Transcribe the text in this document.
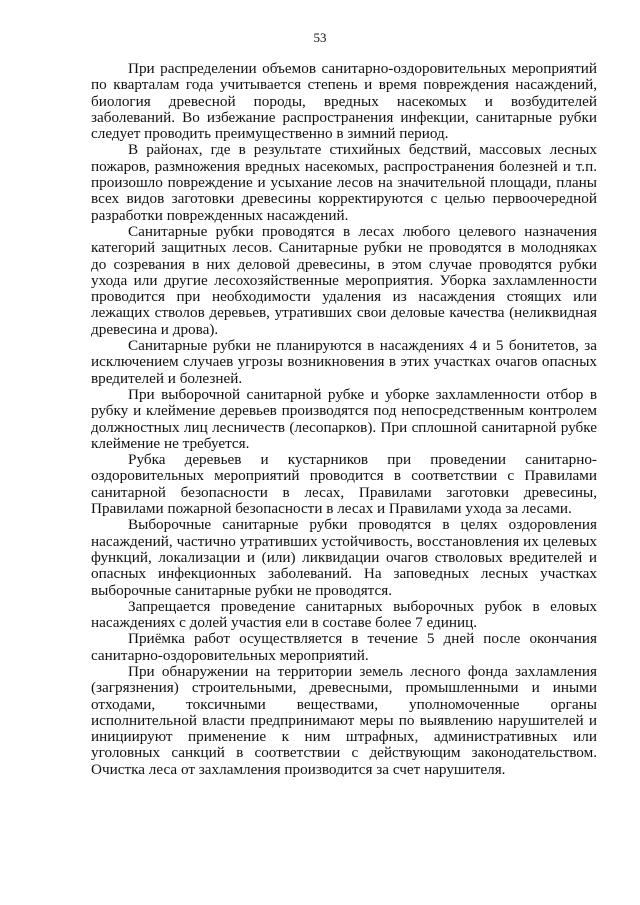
53

При распределении объемов санитарно-оздоровительных мероприятий по кварталам года учитывается степень и время повреждения насаждений, биология древесной породы, вредных насекомых и возбудителей заболеваний. Во избежание распространения инфекции, санитарные рубки следует проводить преимущественно в зимний период.

В районах, где в результате стихийных бедствий, массовых лесных пожаров, размножения вредных насекомых, распространения болезней и т.п. произошло повреждение и усыхание лесов на значительной площади, планы всех видов заготовки древесины корректируются с целью первоочередной разработки поврежденных насаждений.

Санитарные рубки проводятся в лесах любого целевого назначения категорий защитных лесов. Санитарные рубки не проводятся в молодняках до созревания в них деловой древесины, в этом случае проводятся рубки ухода или другие лесохозяйственные мероприятия. Уборка захламленности проводится при необходимости удаления из насаждения стоящих или лежащих стволов деревьев, утративших свои деловые качества (неликвидная древесина и дрова).

Санитарные рубки не планируются в насаждениях 4 и 5 бонитетов, за исключением случаев угрозы возникновения в этих участках очагов опасных вредителей и болезней.

При выборочной санитарной рубке и уборке захламленности отбор в рубку и клеймение деревьев производятся под непосредственным контролем должностных лиц лесничеств (лесопарков). При сплошной санитарной рубке клеймение не требуется.

Рубка деревьев и кустарников при проведении санитарно-оздоровительных мероприятий проводится в соответствии с Правилами санитарной безопасности в лесах, Правилами заготовки древесины, Правилами пожарной безопасности в лесах и Правилами ухода за лесами.

Выборочные санитарные рубки проводятся в целях оздоровления насаждений, частично утративших устойчивость, восстановления их целевых функций, локализации и (или) ликвидации очагов стволовых вредителей и опасных инфекционных заболеваний. На заповедных лесных участках выборочные санитарные рубки не проводятся.

Запрещается проведение санитарных выборочных рубок в еловых насаждениях с долей участия ели в составе более 7 единиц.

Приёмка работ осуществляется в течение 5 дней после окончания санитарно-оздоровительных мероприятий.

При обнаружении на территории земель лесного фонда захламления (загрязнения) строительными, древесными, промышленными и иными отходами, токсичными веществами, уполномоченные органы исполнительной власти предпринимают меры по выявлению нарушителей и инициируют применение к ним штрафных, административных или уголовных санкций в соответствии с действующим законодательством. Очистка леса от захламления производится за счет нарушителя.
